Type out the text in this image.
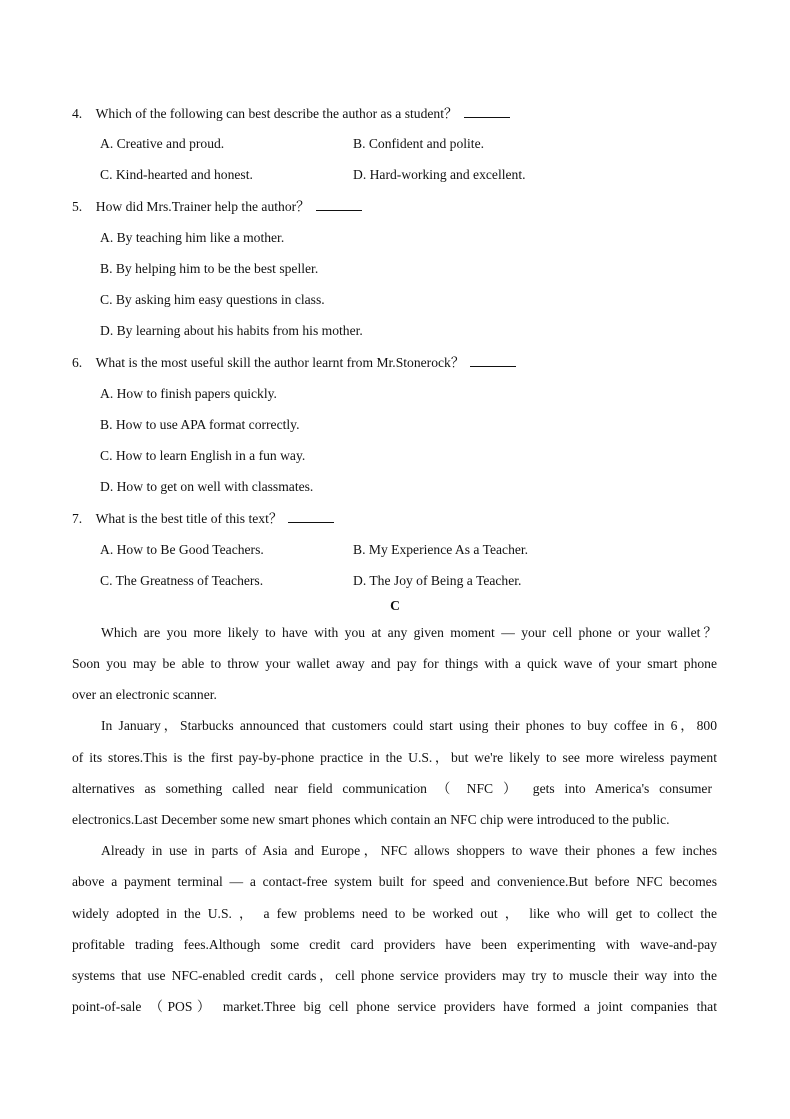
4. Which of the following can best describe the author as a student？
A. Creative and proud.	B. Confident and polite.
C. Kind-hearted and honest.	D. Hard-working and excellent.
5. How did Mrs.Trainer help the author？
A. By teaching him like a mother.
B. By helping him to be the best speller.
C. By asking him easy questions in class.
D. By learning about his habits from his mother.
6. What is the most useful skill the author learnt from Mr.Stonerock？
A. How to finish papers quickly.
B. How to use APA format correctly.
C. How to learn English in a fun way.
D. How to get on well with classmates.
7. What is the best title of this text？
A. How to Be Good Teachers.	B. My Experience As a Teacher.
C. The Greatness of Teachers.	D. The Joy of Being a Teacher.
C
Which are you more likely to have with you at any given moment — your cell phone or your wallet？
Soon you may be able to throw your wallet away and pay for things with a quick wave of your smart phone
over an electronic scanner.
In January，Starbucks announced that customers could start using their phones to buy coffee in 6，800
of its stores.This is the first pay-by-phone practice in the U.S.，but we're likely to see more wireless payment
alternatives as something called near field communication （ NFC ） gets into America's consumer
electronics.Last December some new smart phones which contain an NFC chip were introduced to the public.
Already in use in parts of Asia and Europe，NFC allows shoppers to wave their phones a few inches
above a payment terminal — a contact-free system built for speed and convenience.But before NFC becomes
widely adopted in the U.S. ， a few problems need to be worked out ， like who will get to collect the
profitable trading fees.Although some credit card providers have been experimenting with wave-and-pay
systems that use NFC-enabled credit cards，cell phone service providers may try to muscle their way into the
point-of-sale （POS） market.Three big cell phone service providers have formed a joint companies that
